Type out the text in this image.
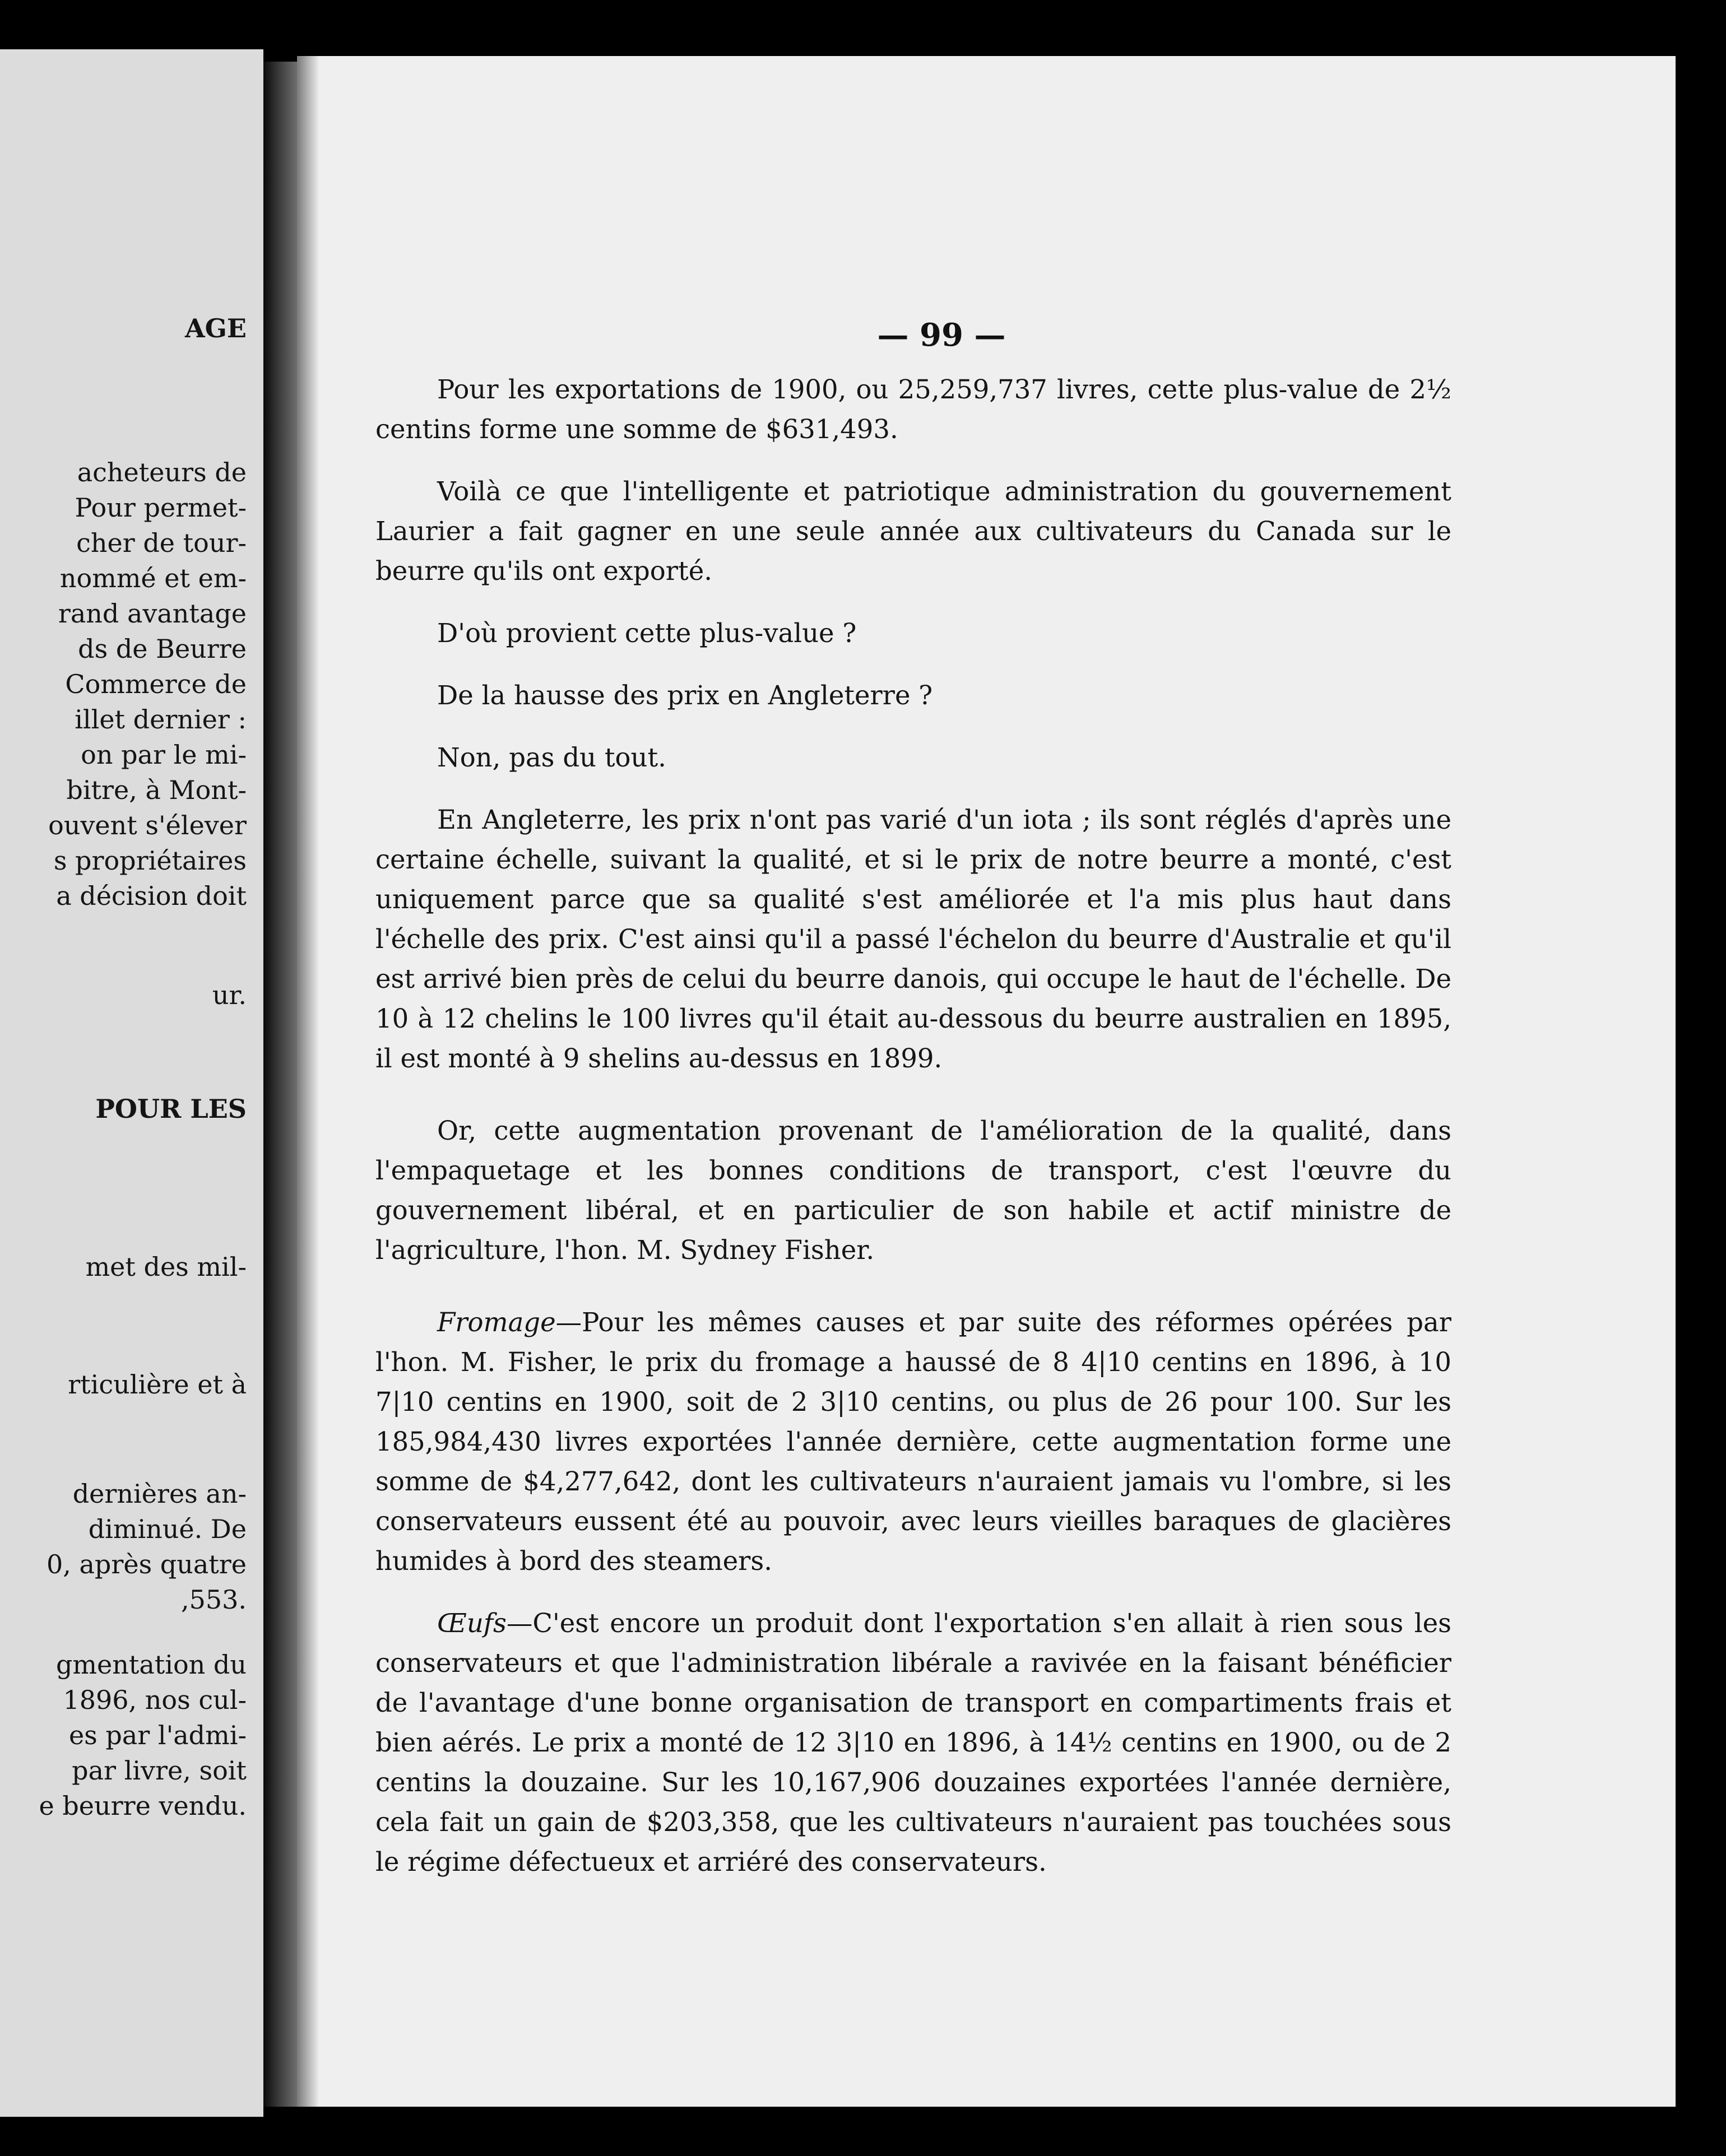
AGE
acheteurs de
Pour permet-
cher de tour-
nommé et em-
rand avantage
ds de Beurre
Commerce de
illet dernier :
on par le mi-
bitre, à Mont-
ouvent s'élever
s propriétaires
a décision doit
ur.
POUR LES
met des mil-
rticulière et à
dernières an-
diminué. De
0, après quatre
,553.
gmentation du
1896, nos cul-
es par l'admi-
par livre, soit
e beurre vendu.
— 99 —

Pour les exportations de 1900, ou 25,259,737 livres, cette plus-value de 2½ centins forme une somme de $631,493.

Voilà ce que l'intelligente et patriotique administration du gouvernement Laurier a fait gagner en une seule année aux cultivateurs du Canada sur le beurre qu'ils ont exporté.

D'où provient cette plus-value ?

De la hausse des prix en Angleterre ?

Non, pas du tout.

En Angleterre, les prix n'ont pas varié d'un iota ; ils sont réglés d'après une certaine échelle, suivant la qualité, et si le prix de notre beurre a monté, c'est uniquement parce que sa qualité s'est améliorée et l'a mis plus haut dans l'échelle des prix. C'est ainsi qu'il a passé l'échelon du beurre d'Australie et qu'il est arrivé bien près de celui du beurre danois, qui occupe le haut de l'échelle. De 10 à 12 chelins le 100 livres qu'il était au-dessous du beurre australien en 1895, il est monté à 9 shelins au-dessus en 1899.

Or, cette augmentation provenant de l'amélioration de la qualité, dans l'empaquetage et les bonnes conditions de transport, c'est l'œuvre du gouvernement libéral, et en particulier de son habile et actif ministre de l'agriculture, l'hon. M. Sydney Fisher.

Fromage—Pour les mêmes causes et par suite des réformes opérées par l'hon. M. Fisher, le prix du fromage a haussé de 8 4|10 centins en 1896, à 10 7|10 centins en 1900, soit de 2 3|10 centins, ou plus de 26 pour 100. Sur les 185,984,430 livres exportées l'année dernière, cette augmentation forme une somme de $4,277,642, dont les cultivateurs n'auraient jamais vu l'ombre, si les conservateurs eussent été au pouvoir, avec leurs vieilles baraques de glacières humides à bord des steamers.

Œufs—C'est encore un produit dont l'exportation s'en allait à rien sous les conservateurs et que l'administration libérale a ravivée en la faisant bénéficier de l'avantage d'une bonne organisation de transport en compartiments frais et bien aérés. Le prix a monté de 12 3|10 en 1896, à 14½ centins en 1900, ou de 2 centins la douzaine. Sur les 10,167,906 douzaines exportées l'année dernière, cela fait un gain de $203,358, que les cultivateurs n'auraient pas touchées sous le régime défectueux et arriéré des conservateurs.
